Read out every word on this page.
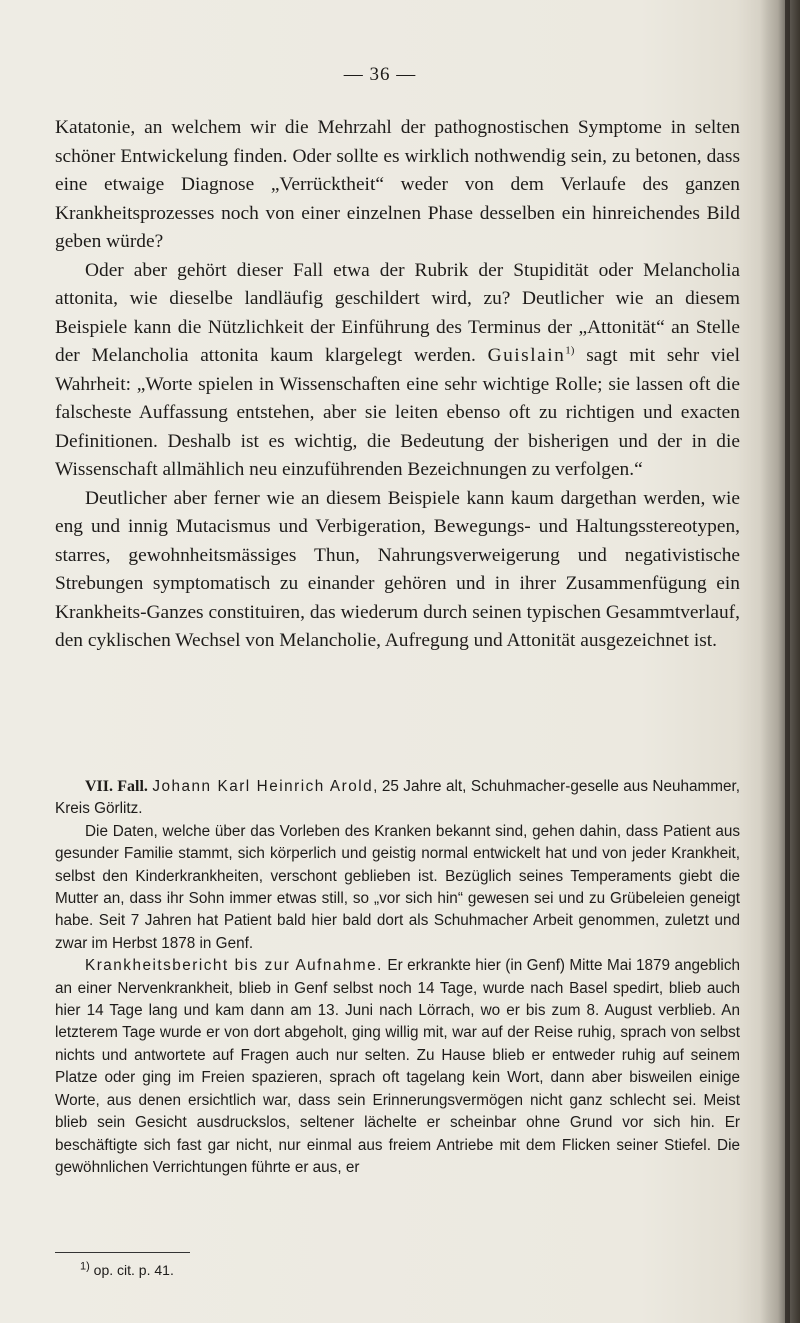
— 36 —

Katatonie, an welchem wir die Mehrzahl der pathognostischen Symptome in selten schöner Entwickelung finden. Oder sollte es wirklich nothwendig sein, zu betonen, dass eine etwaige Diagnose „Verrücktheit“ weder von dem Verlaufe des ganzen Krankheitsprozesses noch von einer einzelnen Phase desselben ein hinreichendes Bild geben würde?

Oder aber gehört dieser Fall etwa der Rubrik der Stupidität oder Melancholia attonita, wie dieselbe landläufig geschildert wird, zu? Deutlicher wie an diesem Beispiele kann die Nützlichkeit der Einführung des Terminus der „Attonität“ an Stelle der Melancholia attonita kaum klargelegt werden. Guislain$^{1)}$ sagt mit sehr viel Wahrheit: „Worte spielen in Wissenschaften eine sehr wichtige Rolle; sie lassen oft die falscheste Auffassung entstehen, aber sie leiten ebenso oft zu richtigen und exacten Definitionen. Deshalb ist es wichtig, die Bedeutung der bisherigen und der in die Wissenschaft allmählich neu einzuführenden Bezeichnungen zu verfolgen.“

Deutlicher aber ferner wie an diesem Beispiele kann kaum dargethan werden, wie eng und innig Mutacismus und Verbigeration, Bewegungs- und Haltungsstereotypen, starres, gewohnheitsmässiges Thun, Nahrungsverweigerung und negativistische Strebungen symptomatisch zu einander gehören und in ihrer Zusammenfügung ein Krankheits-Ganzes constituiren, das wiederum durch seinen typischen Gesammtverlauf, den cyklischen Wechsel von Melancholie, Aufregung und Attonität ausgezeichnet ist.

VII. Fall. Johann Karl Heinrich Arold, 25 Jahre alt, Schuhmacher-geselle aus Neuhammer, Kreis Görlitz.

Die Daten, welche über das Vorleben des Kranken bekannt sind, gehen dahin, dass Patient aus gesunder Familie stammt, sich körperlich und geistig normal entwickelt hat und von jeder Krankheit, selbst den Kinderkrankheiten, verschont geblieben ist. Bezüglich seines Temperaments giebt die Mutter an, dass ihr Sohn immer etwas still, so „vor sich hin“ gewesen sei und zu Grübeleien geneigt habe. Seit 7 Jahren hat Patient bald hier bald dort als Schuhmacher Arbeit genommen, zuletzt und zwar im Herbst 1878 in Genf.

Krankheitsbericht bis zur Aufnahme. Er erkrankte hier (in Genf) Mitte Mai 1879 angeblich an einer Nervenkrankheit, blieb in Genf selbst noch 14 Tage, wurde nach Basel spedirt, blieb auch hier 14 Tage lang und kam dann am 13. Juni nach Lörrach, wo er bis zum 8. August verblieb. An letzterem Tage wurde er von dort abgeholt, ging willig mit, war auf der Reise ruhig, sprach von selbst nichts und antwortete auf Fragen auch nur selten. Zu Hause blieb er entweder ruhig auf seinem Platze oder ging im Freien spazieren, sprach oft tagelang kein Wort, dann aber bisweilen einige Worte, aus denen ersichtlich war, dass sein Erinnerungsvermögen nicht ganz schlecht sei. Meist blieb sein Gesicht ausdruckslos, seltener lächelte er scheinbar ohne Grund vor sich hin. Er beschäftigte sich fast gar nicht, nur einmal aus freiem Antriebe mit dem Flicken seiner Stiefel. Die gewöhnlichen Verrichtungen führte er aus, er

$^{1)}$ op. cit. p. 41.
